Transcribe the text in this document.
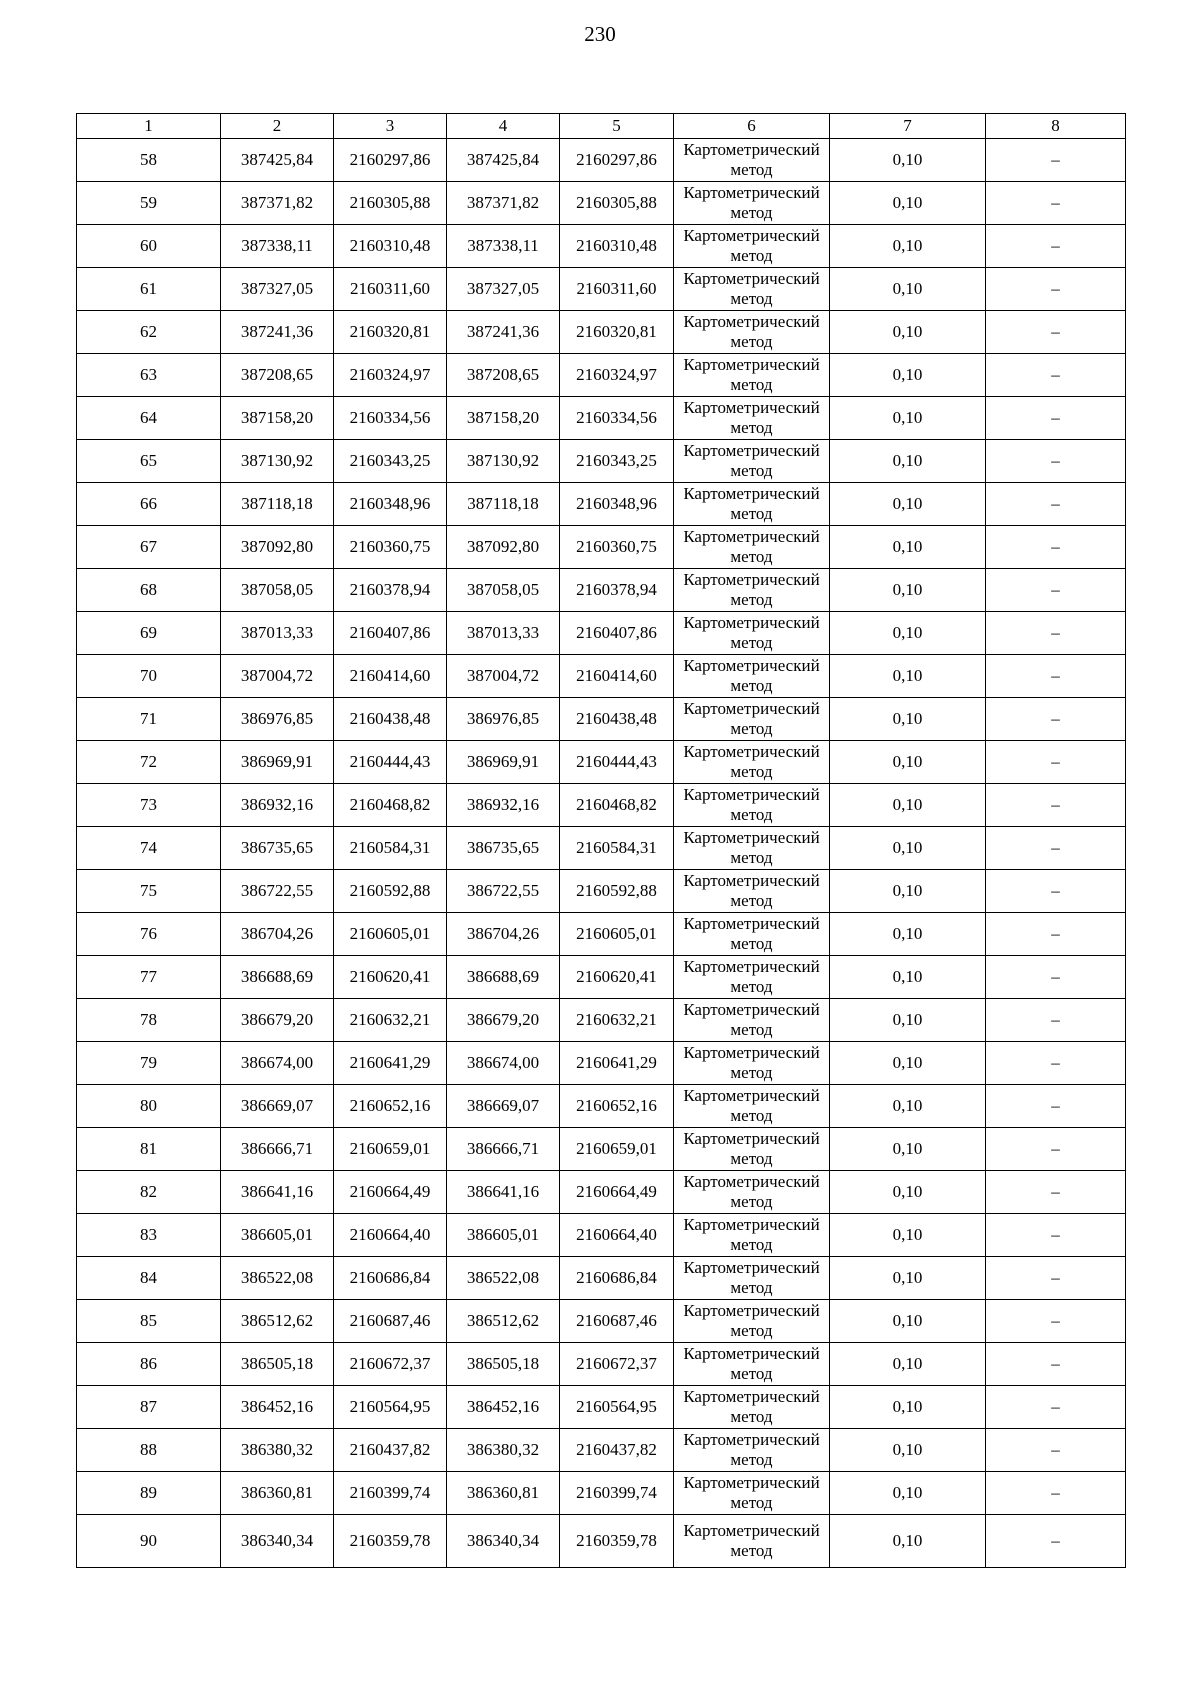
230
1	2	3	4	5	6	7	8
58	387425,84	2160297,86	387425,84	2160297,86	Картометрический метод	0,10	–
59	387371,82	2160305,88	387371,82	2160305,88	Картометрический метод	0,10	–
60	387338,11	2160310,48	387338,11	2160310,48	Картометрический метод	0,10	–
61	387327,05	2160311,60	387327,05	2160311,60	Картометрический метод	0,10	–
62	387241,36	2160320,81	387241,36	2160320,81	Картометрический метод	0,10	–
63	387208,65	2160324,97	387208,65	2160324,97	Картометрический метод	0,10	–
64	387158,20	2160334,56	387158,20	2160334,56	Картометрический метод	0,10	–
65	387130,92	2160343,25	387130,92	2160343,25	Картометрический метод	0,10	–
66	387118,18	2160348,96	387118,18	2160348,96	Картометрический метод	0,10	–
67	387092,80	2160360,75	387092,80	2160360,75	Картометрический метод	0,10	–
68	387058,05	2160378,94	387058,05	2160378,94	Картометрический метод	0,10	–
69	387013,33	2160407,86	387013,33	2160407,86	Картометрический метод	0,10	–
70	387004,72	2160414,60	387004,72	2160414,60	Картометрический метод	0,10	–
71	386976,85	2160438,48	386976,85	2160438,48	Картометрический метод	0,10	–
72	386969,91	2160444,43	386969,91	2160444,43	Картометрический метод	0,10	–
73	386932,16	2160468,82	386932,16	2160468,82	Картометрический метод	0,10	–
74	386735,65	2160584,31	386735,65	2160584,31	Картометрический метод	0,10	–
75	386722,55	2160592,88	386722,55	2160592,88	Картометрический метод	0,10	–
76	386704,26	2160605,01	386704,26	2160605,01	Картометрический метод	0,10	–
77	386688,69	2160620,41	386688,69	2160620,41	Картометрический метод	0,10	–
78	386679,20	2160632,21	386679,20	2160632,21	Картометрический метод	0,10	–
79	386674,00	2160641,29	386674,00	2160641,29	Картометрический метод	0,10	–
80	386669,07	2160652,16	386669,07	2160652,16	Картометрический метод	0,10	–
81	386666,71	2160659,01	386666,71	2160659,01	Картометрический метод	0,10	–
82	386641,16	2160664,49	386641,16	2160664,49	Картометрический метод	0,10	–
83	386605,01	2160664,40	386605,01	2160664,40	Картометрический метод	0,10	–
84	386522,08	2160686,84	386522,08	2160686,84	Картометрический метод	0,10	–
85	386512,62	2160687,46	386512,62	2160687,46	Картометрический метод	0,10	–
86	386505,18	2160672,37	386505,18	2160672,37	Картометрический метод	0,10	–
87	386452,16	2160564,95	386452,16	2160564,95	Картометрический метод	0,10	–
88	386380,32	2160437,82	386380,32	2160437,82	Картометрический метод	0,10	–
89	386360,81	2160399,74	386360,81	2160399,74	Картометрический метод	0,10	–
90	386340,34	2160359,78	386340,34	2160359,78	Картометрический метод	0,10	–
